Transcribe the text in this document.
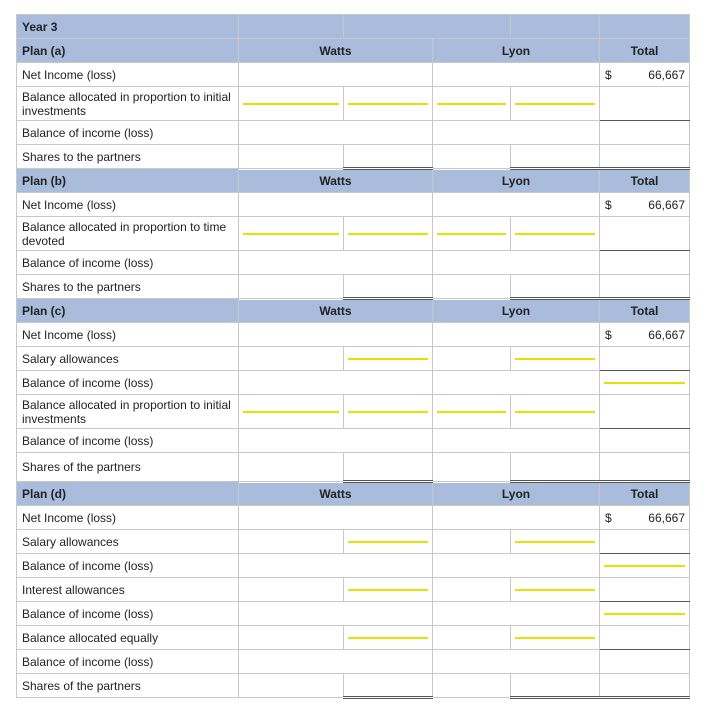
Year 3					
Plan (a)	Watts		Lyon		Total
Net Income (loss)					$ 66,667

Balance allocated in proportion to initial investments	

Balance of income (loss)					
Shares to the partners					
Plan (b)	Watts		Lyon		Total
Net Income (loss)					$ 66,667

Balance allocated in proportion to time devoted	

Balance of income (loss)					
Shares to the partners					
Plan (c)	Watts		Lyon		Total
Net Income (loss)					$ 66,667

Salary allowances		

Balance of income (loss)					

Balance allocated in proportion to initial investments	

Balance of income (loss)					
Shares of the partners					
Plan (d)	Watts		Lyon		Total
Net Income (loss)					$ 66,667

Salary allowances		

Balance of income (loss)					

Interest allowances		

Balance of income (loss)					

Balance allocated equally		

Balance of income (loss)					
Shares of the partners					
